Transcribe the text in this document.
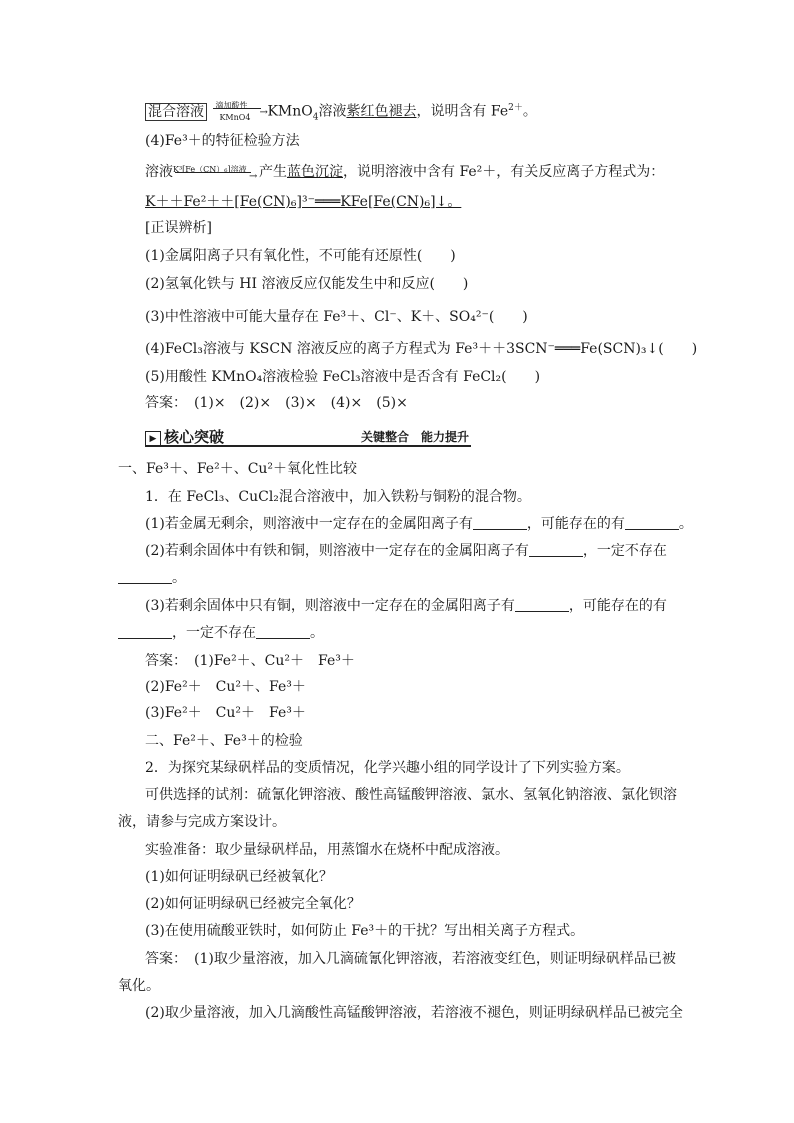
混合溶液 滴加酸性
→
KMnO4 KMnO$_4$溶液紫红色褪去，说明含有 $Fe^{2+}$。
(4)Fe³＋的特征检验方法
溶液 K³[Fe（CN）₆]溶液
→ 产生蓝色沉淀，说明溶液中含有 Fe²＋，有关反应离子方程式为：
K＋＋Fe²＋＋[Fe(CN)₆]³⁻═══KFe[Fe(CN)₆]↓。
[正误辨析]
(1)金属阳离子只有氧化性，不可能有还原性(　　)
(2)氢氧化铁与 HI 溶液反应仅能发生中和反应(　　)
(3)中性溶液中可能大量存在 Fe³＋、Cl⁻、K＋、SO₄²⁻(　　)
(4)FeCl₃溶液与 KSCN 溶液反应的离子方程式为 Fe³＋＋3SCN⁻═══Fe(SCN)₃↓(　　)
(5)用酸性 KMnO₄溶液检验 FeCl₃溶液中是否含有 FeCl₂(　　)
答案：　(1)×　(2)×　(3)×　(4)×　(5)×
▶ 核心突破	关键整合　能力提升
一、Fe³＋、Fe²＋、Cu²＋氧化性比较
1．在 FeCl₃、CuCl₂混合溶液中，加入铁粉与铜粉的混合物。
(1)若金属无剩余，则溶液中一定存在的金属阳离子有	，可能存在的有	。
(2)若剩余固体中有铁和铜，则溶液中一定存在的金属阳离子有	，一定不存在
。
(3)若剩余固体中只有铜，则溶液中一定存在的金属阳离子有	，可能存在的有
，一定不存在	。
答案：　(1)Fe²＋、Cu²＋　Fe³＋
(2)Fe²＋　Cu²＋、Fe³＋
(3)Fe²＋　Cu²＋　Fe³＋
二、Fe²＋、Fe³＋的检验
2．为探究某绿矾样品的变质情况，化学兴趣小组的同学设计了下列实验方案。
可供选择的试剂：硫氰化钾溶液、酸性高锰酸钾溶液、氯水、氢氧化钠溶液、氯化钡溶
液，请参与完成方案设计。
实验准备：取少量绿矾样品，用蒸馏水在烧杯中配成溶液。
(1)如何证明绿矾已经被氧化？
(2)如何证明绿矾已经被完全氧化？
(3)在使用硫酸亚铁时，如何防止 Fe³＋的干扰？写出相关离子方程式。
答案：　(1)取少量溶液，加入几滴硫氰化钾溶液，若溶液变红色，则证明绿矾样品已被
氧化。
(2)取少量溶液，加入几滴酸性高锰酸钾溶液，若溶液不褪色，则证明绿矾样品已被完全
